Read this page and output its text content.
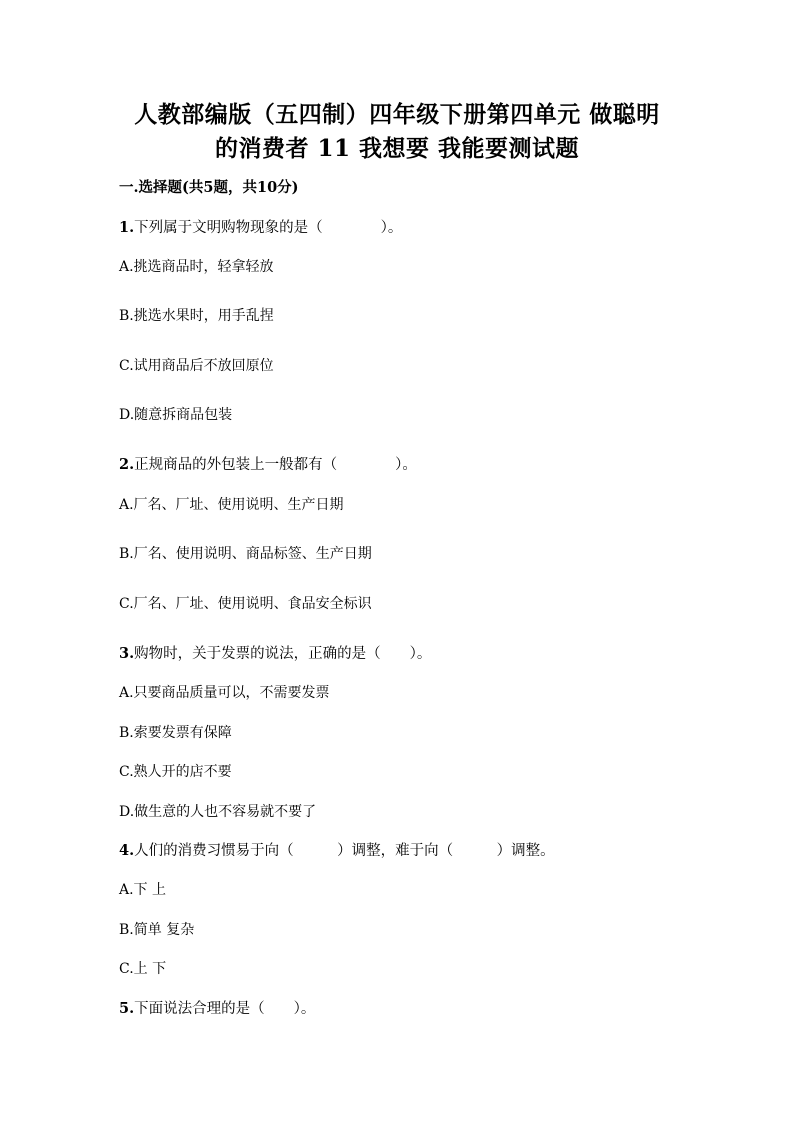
人教部编版（五四制）四年级下册第四单元 做聪明
的消费者 11 我想要 我能要测试题
一.选择题(共5题，共10分)
1.下列属于文明购物现象的是（　　　　）。
A.挑选商品时，轻拿轻放
B.挑选水果时，用手乱捏
C.试用商品后不放回原位
D.随意拆商品包装
2.正规商品的外包装上一般都有（　　　　）。
A.厂名、厂址、使用说明、生产日期
B.厂名、使用说明、商品标签、生产日期
C.厂名、厂址、使用说明、食品安全标识
3.购物时，关于发票的说法，正确的是（　　）。
A.只要商品质量可以，不需要发票
B.索要发票有保障
C.熟人开的店不要
D.做生意的人也不容易就不要了
4.人们的消费习惯易于向（　　　）调整，难于向（　　　）调整。
A.下 上
B.简单 复杂
C.上 下
5.下面说法合理的是（　　）。
